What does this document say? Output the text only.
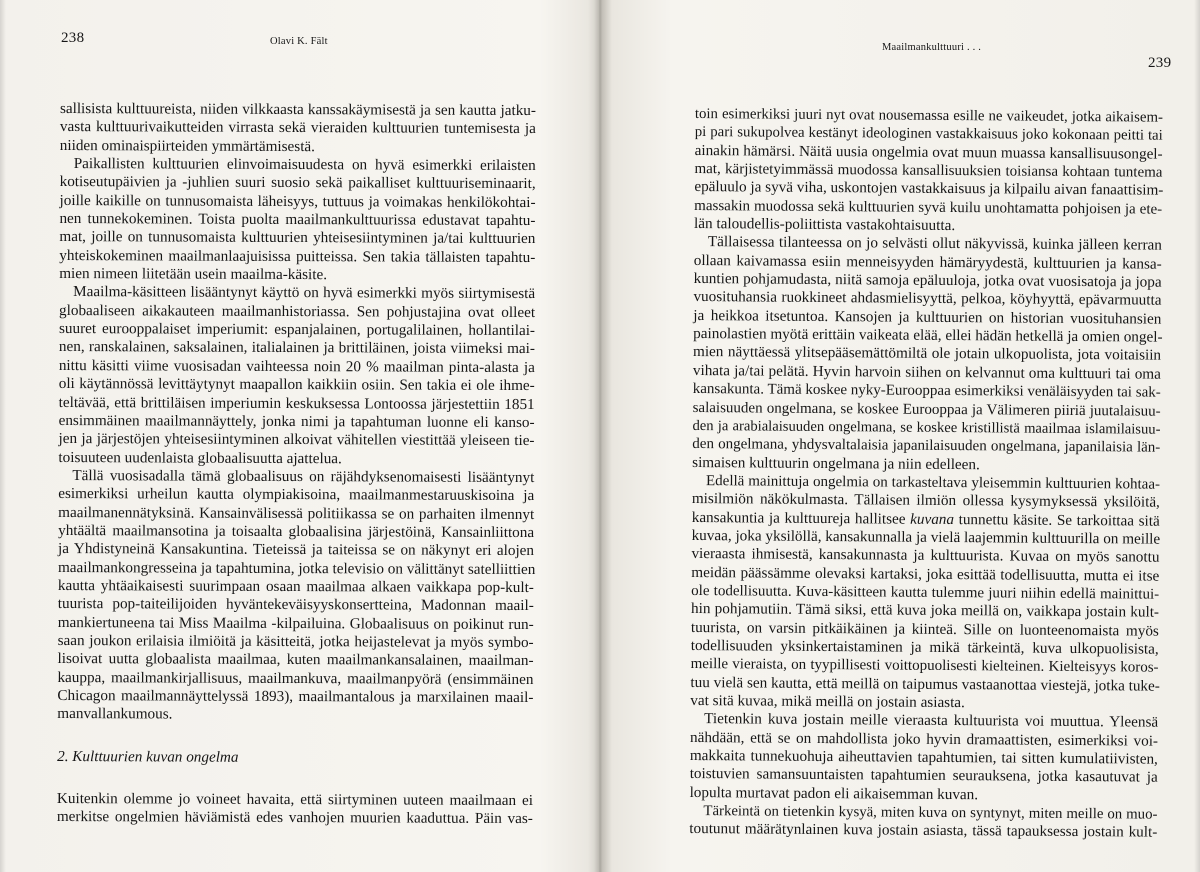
238	Olavi K. Fält
sallisista kulttuureista, niiden vilkkaasta kanssakäymisestä ja sen kautta jatku-
vasta kulttuurivaikutteiden virrasta sekä vieraiden kulttuurien tuntemisesta ja
niiden ominaispiirteiden ymmärtämisestä.
Paikallisten kulttuurien elinvoimaisuudesta on hyvä esimerkki erilaisten
kotiseutupäivien ja -juhlien suuri suosio sekä paikalliset kulttuuriseminaarit,
joille kaikille on tunnusomaista läheisyys, tuttuus ja voimakas henkilökohtai-
nen tunnekokeminen. Toista puolta maailmankulttuurissa edustavat tapahtu-
mat, joille on tunnusomaista kulttuurien yhteisesiintyminen ja/tai kulttuurien
yhteiskokeminen maailmanlaajuisissa puitteissa. Sen takia tällaisten tapahtu-
mien nimeen liitetään usein maailma-käsite.
Maailma-käsitteen lisääntynyt käyttö on hyvä esimerkki myös siirtymisestä
globaaliseen aikakauteen maailmanhistoriassa. Sen pohjustajina ovat olleet
suuret eurooppalaiset imperiumit: espanjalainen, portugalilainen, hollantilai-
nen, ranskalainen, saksalainen, italialainen ja brittiläinen, joista viimeksi mai-
nittu käsitti viime vuosisadan vaihteessa noin 20 % maailman pinta-alasta ja
oli käytännössä levittäytynyt maapallon kaikkiin osiin. Sen takia ei ole ihme-
teltävää, että brittiläisen imperiumin keskuksessa Lontoossa järjestettiin 1851
ensimmäinen maailmannäyttely, jonka nimi ja tapahtuman luonne eli kanso-
jen ja järjestöjen yhteisesiintyminen alkoivat vähitellen viestittää yleiseen tie-
toisuuteen uudenlaista globaalisuutta ajattelua.
Tällä vuosisadalla tämä globaalisuus on räjähdyksenomaisesti lisääntynyt
esimerkiksi urheilun kautta olympiakisoina, maailmanmestaruuskisoina ja
maailmanennätyksinä. Kansainvälisessä politiikassa se on parhaiten ilmennyt
yhtäältä maailmansotina ja toisaalta globaalisina järjestöinä, Kansainliittona
ja Yhdistyneinä Kansakuntina. Tieteissä ja taiteissa se on näkynyt eri alojen
maailmankongresseina ja tapahtumina, jotka televisio on välittänyt satelliittien
kautta yhtäaikaisesti suurimpaan osaan maailmaa alkaen vaikkapa pop-kult-
tuurista pop-taiteilijoiden hyväntekeväisyyskonsertteina, Madonnan maail-
mankiertuneena tai Miss Maailma -kilpailuina. Globaalisuus on poikinut run-
saan joukon erilaisia ilmiöitä ja käsitteitä, jotka heijastelevat ja myös symbo-
lisoivat uutta globaalista maailmaa, kuten maailmankansalainen, maailman-
kauppa, maailmankirjallisuus, maailmankuva, maailmanpyörä (ensimmäinen
Chicagon maailmannäyttelyssä 1893), maailmantalous ja marxilainen maail-
manvallankumous.
2. Kulttuurien kuvan ongelma
Kuitenkin olemme jo voineet havaita, että siirtyminen uuteen maailmaan ei
merkitse ongelmien häviämistä edes vanhojen muurien kaaduttua. Päin vas-
Maailmankulttuuri . . .
239
toin esimerkiksi juuri nyt ovat nousemassa esille ne vaikeudet, jotka aikaisem-
pi pari sukupolvea kestänyt ideologinen vastakkaisuus joko kokonaan peitti tai
ainakin hämärsi. Näitä uusia ongelmia ovat muun muassa kansallisuusongel-
mat, kärjistetyimmässä muodossa kansallisuuksien toisiansa kohtaan tuntema
epäluulo ja syvä viha, uskontojen vastakkaisuus ja kilpailu aivan fanaattisim-
massakin muodossa sekä kulttuurien syvä kuilu unohtamatta pohjoisen ja ete-
län taloudellis-poliittista vastakohtaisuutta.
Tällaisessa tilanteessa on jo selvästi ollut näkyvissä, kuinka jälleen kerran
ollaan kaivamassa esiin menneisyyden hämäryydestä, kulttuurien ja kansa-
kuntien pohjamudasta, niitä samoja epäluuloja, jotka ovat vuosisatoja ja jopa
vuosituhansia ruokkineet ahdasmielisyyttä, pelkoa, köyhyyttä, epävarmuutta
ja heikkoa itsetuntoa. Kansojen ja kulttuurien on historian vuosituhansien
painolastien myötä erittäin vaikeata elää, ellei hädän hetkellä ja omien ongel-
mien näyttäessä ylitsepääsemättömiltä ole jotain ulkopuolista, jota voitaisiin
vihata ja/tai pelätä. Hyvin harvoin siihen on kelvannut oma kulttuuri tai oma
kansakunta. Tämä koskee nyky-Eurooppaa esimerkiksi venäläisyyden tai sak-
salaisuuden ongelmana, se koskee Eurooppaa ja Välimeren piiriä juutalaisuu-
den ja arabialaisuuden ongelmana, se koskee kristillistä maailmaa islamilaisuu-
den ongelmana, yhdysvaltalaisia japanilaisuuden ongelmana, japanilaisia län-
simaisen kulttuurin ongelmana ja niin edelleen.
Edellä mainittuja ongelmia on tarkasteltava yleisemmin kulttuurien kohtaa-
misilmiön näkökulmasta. Tällaisen ilmiön ollessa kysymyksessä yksilöitä,
kansakuntia ja kulttuureja hallitsee kuvana tunnettu käsite. Se tarkoittaa sitä
kuvaa, joka yksilöllä, kansakunnalla ja vielä laajemmin kulttuurilla on meille
vieraasta ihmisestä, kansakunnasta ja kulttuurista. Kuvaa on myös sanottu
meidän päässämme olevaksi kartaksi, joka esittää todellisuutta, mutta ei itse
ole todellisuutta. Kuva-käsitteen kautta tulemme juuri niihin edellä mainittui-
hin pohjamutiin. Tämä siksi, että kuva joka meillä on, vaikkapa jostain kult-
tuurista, on varsin pitkäikäinen ja kiinteä. Sille on luonteenomaista myös
todellisuuden yksinkertaistaminen ja mikä tärkeintä, kuva ulkopuolisista,
meille vieraista, on tyypillisesti voittopuolisesti kielteinen. Kielteisyys koros-
tuu vielä sen kautta, että meillä on taipumus vastaanottaa viestejä, jotka tuke-
vat sitä kuvaa, mikä meillä on jostain asiasta.
Tietenkin kuva jostain meille vieraasta kultuurista voi muuttua. Yleensä
nähdään, että se on mahdollista joko hyvin dramaattisten, esimerkiksi voi-
makkaita tunnekuohuja aiheuttavien tapahtumien, tai sitten kumulatiivisten,
toistuvien samansuuntaisten tapahtumien seurauksena, jotka kasautuvat ja
lopulta murtavat padon eli aikaisemman kuvan.
Tärkeintä on tietenkin kysyä, miten kuva on syntynyt, miten meille on muo-
toutunut määrätynlainen kuva jostain asiasta, tässä tapauksessa jostain kult-
